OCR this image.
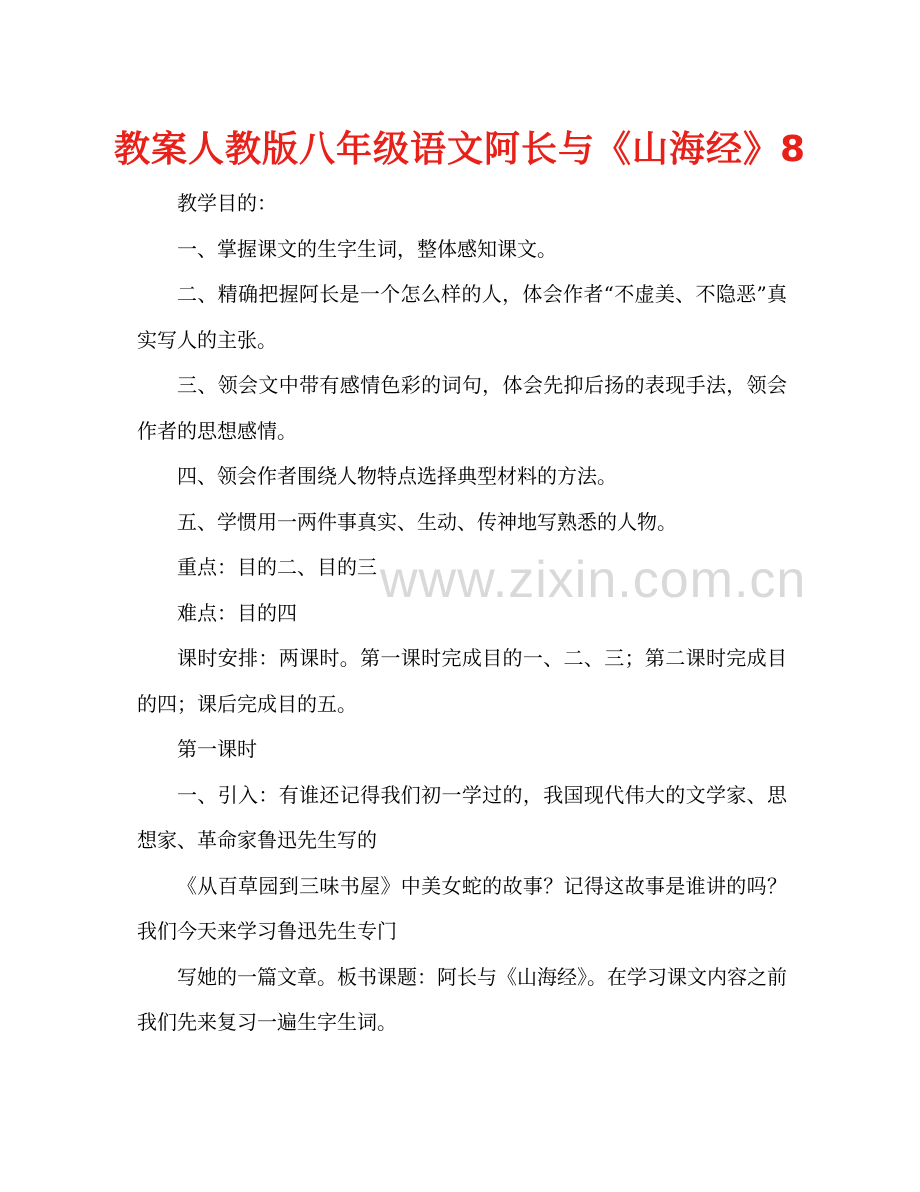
教案人教版八年级语文阿长与《山海经》8

教学目的：

一、掌握课文的生字生词，整体感知课文。

二、精确把握阿长是一个怎么样的人，体会作者“不虚美、不隐恶”真实写人的主张。

三、领会文中带有感情色彩的词句，体会先抑后扬的表现手法，领会作者的思想感情。

四、领会作者围绕人物特点选择典型材料的方法。

五、学惯用一两件事真实、生动、传神地写熟悉的人物。

重点：目的二、目的三

难点：目的四

课时安排：两课时。第一课时完成目的一、二、三；第二课时完成目的四；课后完成目的五。

第一课时

一、引入：有谁还记得我们初一学过的，我国现代伟大的文学家、思想家、革命家鲁迅先生写的

《从百草园到三味书屋》中美女蛇的故事？记得这故事是谁讲的吗？我们今天来学习鲁迅先生专门

写她的一篇文章。板书课题：阿长与《山海经》。在学习课文内容之前我们先来复习一遍生字生词。

www.zixin.com.cn
